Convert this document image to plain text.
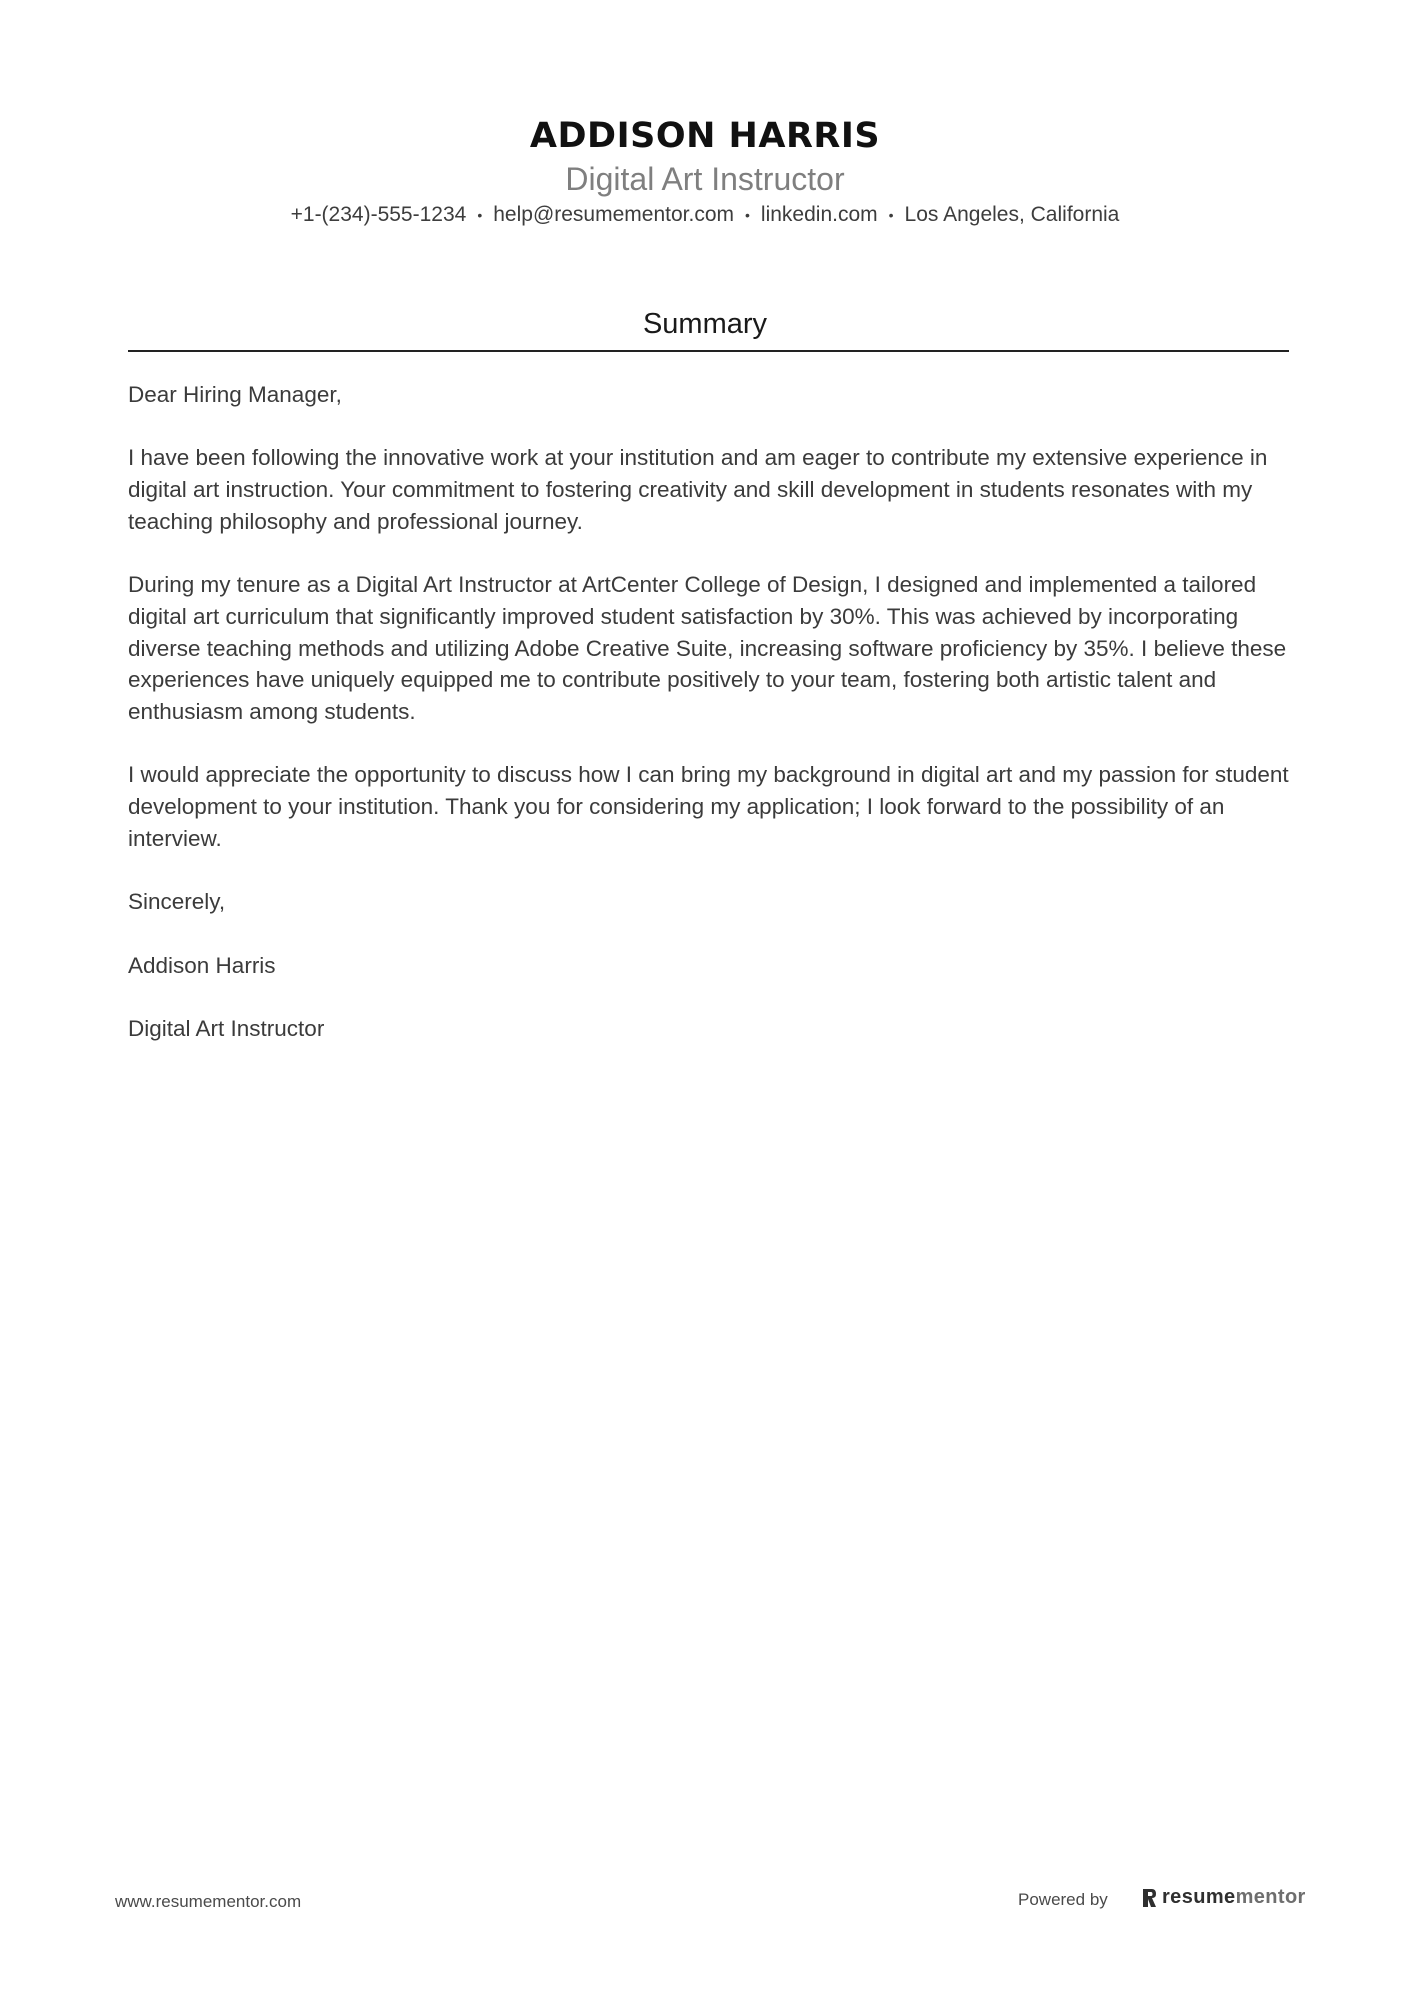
ADDISON HARRIS
Digital Art Instructor
+1-(234)-555-1234 • help@resumementor.com • linkedin.com • Los Angeles, California
Summary

Dear Hiring Manager,

I have been following the innovative work at your institution and am eager to contribute my extensive experience in digital art instruction. Your commitment to fostering creativity and skill development in students resonates with my teaching philosophy and professional journey.

During my tenure as a Digital Art Instructor at ArtCenter College of Design, I designed and implemented a tailored digital art curriculum that significantly improved student satisfaction by 30%. This was achieved by incorporating diverse teaching methods and utilizing Adobe Creative Suite, increasing software proficiency by 35%. I believe these experiences have uniquely equipped me to contribute positively to your team, fostering both artistic talent and enthusiasm among students.

I would appreciate the opportunity to discuss how I can bring my background in digital art and my passion for student development to your institution. Thank you for considering my application; I look forward to the possibility of an interview.

Sincerely,

Addison Harris

Digital Art Instructor

www.resumementor.com	Powered by	resume mentor
